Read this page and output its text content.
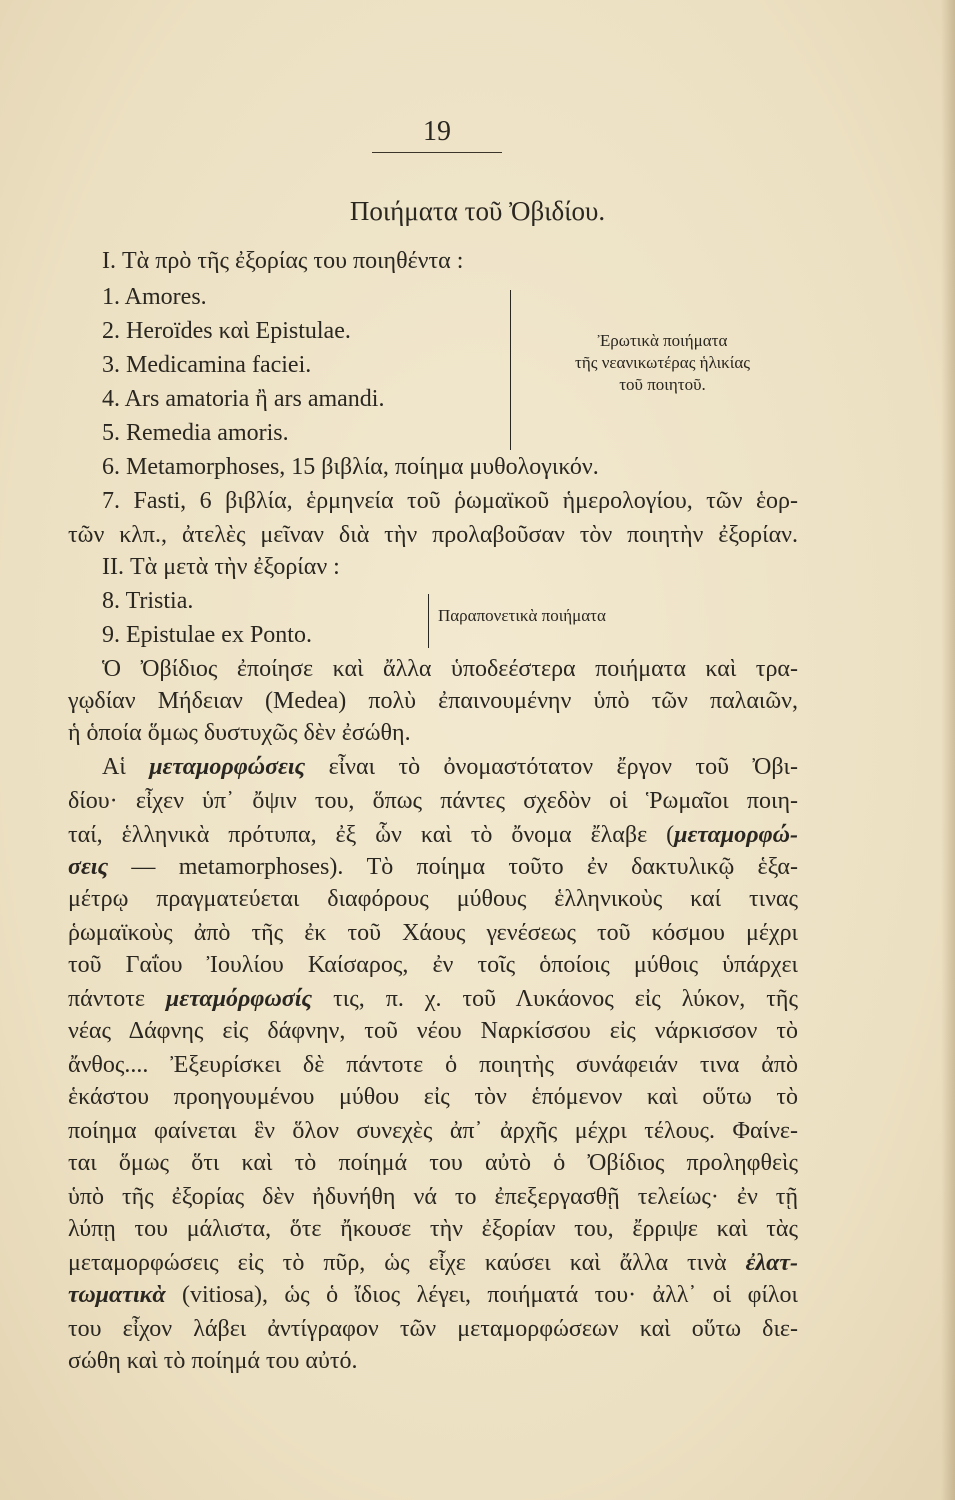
19
Ποιήματα τοῦ Ὀβιδίου.
I. Τὰ πρὸ τῆς ἐξορίας του ποιηθέντα :
1. Amores.
2. Heroïdes καὶ Epistulae.
3. Medicamina faciei.
4. Ars amatoria ἢ ars amandi.
5. Remedia amoris.
Ἐρωτικὰ ποιήματα
τῆς νεανικωτέρας ἡλικίας
τοῦ ποιητοῦ.
6. Metamorphoses, 15 βιβλία, ποίημα μυθολογικόν.
7. Fasti, 6 βιβλία, ἑρμηνεία τοῦ ῥωμαϊκοῦ ἡμερολογίου, τῶν ἑορ-
τῶν κλπ., ἀτελὲς μεῖναν διὰ τὴν προλαβοῦσαν τὸν ποιητὴν ἐξορίαν.
II. Τὰ μετὰ τὴν ἐξορίαν :
8. Tristia.
9. Epistulae ex Ponto.
Παραπονετικὰ ποιήματα
Ὁ Ὀβίδιος ἐποίησε καὶ ἄλλα ὑποδεέστερα ποιήματα καὶ τρα-
γῳδίαν Μήδειαν (Medea) πολὺ ἐπαινουμένην ὑπὸ τῶν παλαιῶν,
ἡ ὁποία ὅμως δυστυχῶς δὲν ἐσώθη.
Αἱ μεταμορφώσεις εἶναι τὸ ὀνομαστότατον ἔργον τοῦ Ὀβι-
δίου· εἶχεν ὑπ᾿ ὄψιν του, ὅπως πάντες σχεδὸν οἱ Ῥωμαῖοι ποιη-
ταί, ἑλληνικὰ πρότυπα, ἐξ ὧν καὶ τὸ ὄνομα ἔλαβε (μεταμορφώ-
σεις — metamorphoses). Τὸ ποίημα τοῦτο ἐν δακτυλικῷ ἑξα-
μέτρῳ πραγματεύεται διαφόρους μύθους ἑλληνικοὺς καί τινας
ῥωμαϊκοὺς ἀπὸ τῆς ἐκ τοῦ Χάους γενέσεως τοῦ κόσμου μέχρι
τοῦ Γαΐου Ἰουλίου Καίσαρος, ἐν τοῖς ὁποίοις μύθοις ὑπάρχει
πάντοτε μεταμόρφωσίς τις, π. χ. τοῦ Λυκάονος εἰς λύκον, τῆς
νέας Δάφνης εἰς δάφνην, τοῦ νέου Ναρκίσσου εἰς νάρκισσον τὸ
ἄνθος.... Ἐξευρίσκει δὲ πάντοτε ὁ ποιητὴς συνάφειάν τινα ἀπὸ
ἑκάστου προηγουμένου μύθου εἰς τὸν ἑπόμενον καὶ οὕτω τὸ
ποίημα φαίνεται ἓν ὅλον συνεχὲς ἀπ᾿ ἀρχῆς μέχρι τέλους. Φαίνε-
ται ὅμως ὅτι καὶ τὸ ποίημά του αὐτὸ ὁ Ὀβίδιος προληφθεὶς
ὑπὸ τῆς ἐξορίας δὲν ἠδυνήθη νά το ἐπεξεργασθῇ τελείως· ἐν τῇ
λύπῃ του μάλιστα, ὅτε ἤκουσε τὴν ἐξορίαν του, ἔρριψε καὶ τὰς
μεταμορφώσεις εἰς τὸ πῦρ, ὡς εἶχε καύσει καὶ ἄλλα τινὰ ἐλατ-
τωματικὰ (vitiosa), ὡς ὁ ἴδιος λέγει, ποιήματά του· ἀλλ᾿ οἱ φίλοι
του εἶχον λάβει ἀντίγραφον τῶν μεταμορφώσεων καὶ οὕτω διε-
σώθη καὶ τὸ ποίημά του αὐτό.
